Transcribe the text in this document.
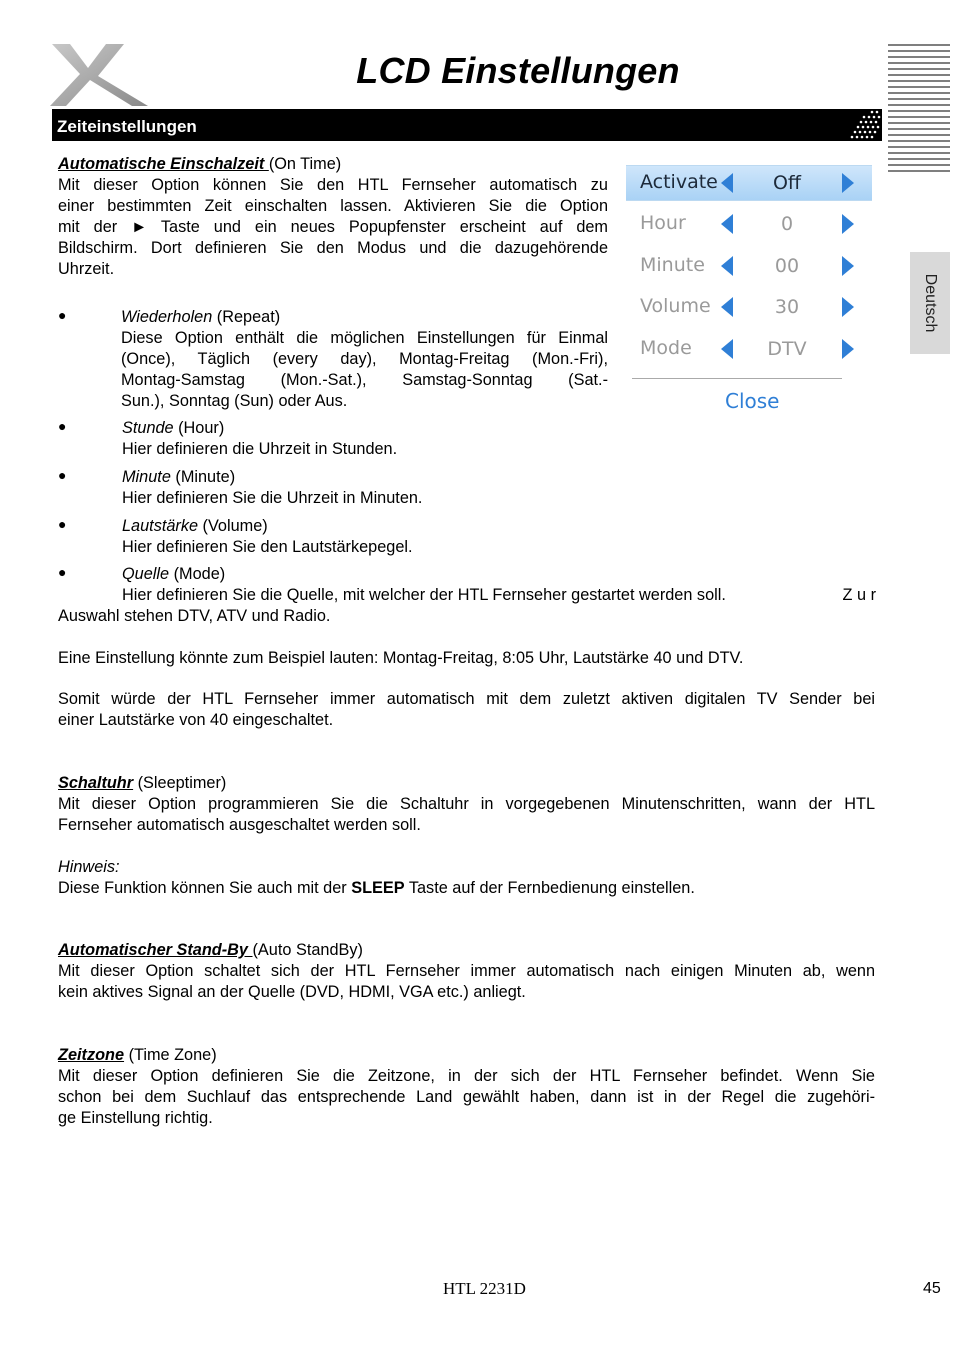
LCD Einstellungen
Zeiteinstellungen
Deutsch
Automatische Einschalzeit (On Time)
Mit dieser Option können Sie den HTL Fernseher automatisch zu
einer bestimmten Zeit einschalten lassen. Aktivieren Sie die Option
mit der ► Taste und ein neues Popupfenster erscheint auf dem
Bildschirm. Dort definieren Sie den Modus und die dazugehörende
Uhrzeit.
●	Wiederholen (Repeat)
Diese Option enthält die möglichen Einstellungen für Einmal
(Once), Täglich (every day), Montag-Freitag (Mon.-Fri),
Montag-Samstag (Mon.-Sat.), Samstag-Sonntag (Sat.-
Sun.), Sonntag (Sun) oder Aus.
●	Stunde (Hour)
Hier definieren die Uhrzeit in Stunden.
●	Minute (Minute)
Hier definieren Sie die Uhrzeit in Minuten.
●	Lautstärke (Volume)
Hier definieren Sie den Lautstärkepegel.
●	Quelle (Mode)
Hier definieren Sie die Quelle, mit welcher der HTL Fernseher gestartet werden soll.	Z u r
Auswahl stehen DTV, ATV und Radio.
Eine Einstellung könnte zum Beispiel lauten: Montag-Freitag, 8:05 Uhr, Lautstärke 40 und DTV.
Somit würde der HTL Fernseher immer automatisch mit dem zuletzt aktiven digitalen TV Sender bei
einer Lautstärke von 40 eingeschaltet.
Schaltuhr (Sleeptimer)
Mit dieser Option programmieren Sie die Schaltuhr in vorgegebenen Minutenschritten, wann der HTL
Fernseher automatisch ausgeschaltet werden soll.
Hinweis:
Diese Funktion können Sie auch mit der SLEEP Taste auf der Fernbedienung einstellen.
Automatischer Stand-By (Auto StandBy)
Mit dieser Option schaltet sich der HTL Fernseher immer automatisch nach einigen Minuten ab, wenn
kein aktives Signal an der Quelle (DVD, HDMI, VGA etc.) anliegt.
Zeitzone (Time Zone)
Mit dieser Option definieren Sie die Zeitzone, in der sich der HTL Fernseher befindet. Wenn Sie
schon bei dem Suchlauf das entsprechende Land gewählt haben, dann ist in der Regel die zugehöri-
ge Einstellung richtig.
Activate	Off
Hour	0
Minute	00
Volume	30
Mode	DTV
Close
HTL 2231D	45
